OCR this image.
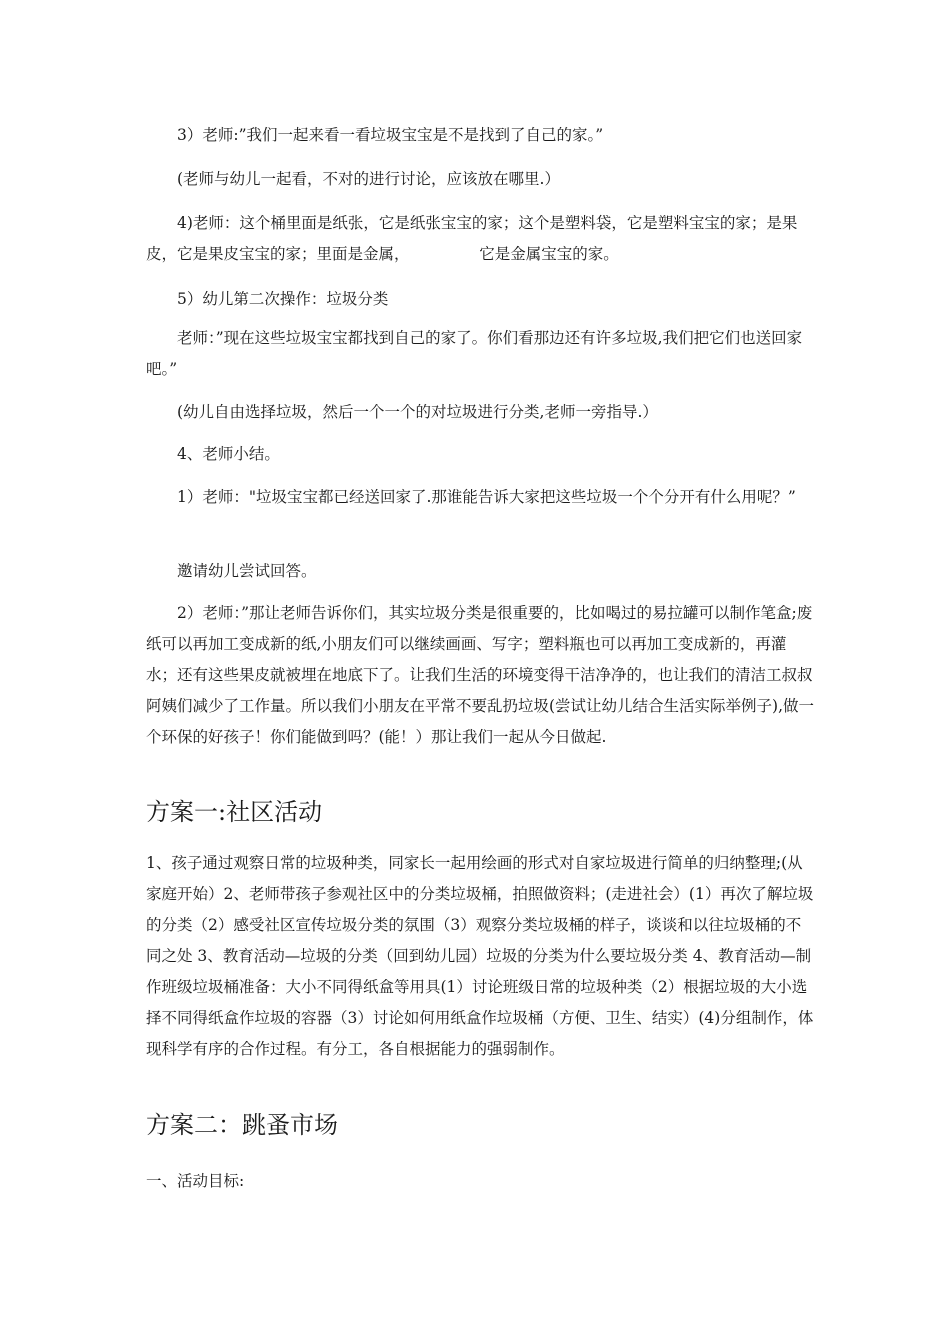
3）老师:”我们一起来看一看垃圾宝宝是不是找到了自己的家。”

(老师与幼儿一起看，不对的进行讨论，应该放在哪里.）

4)老师：这个桶里面是纸张，它是纸张宝宝的家；这个是塑料袋，它是塑料宝宝的家；是果皮，它是果皮宝宝的家；里面是金属，　　　　　它是金属宝宝的家。

5）幼儿第二次操作：垃圾分类

老师：”现在这些垃圾宝宝都找到自己的家了。你们看那边还有许多垃圾,我们把它们也送回家吧。”

(幼儿自由选择垃圾，然后一个一个的对垃圾进行分类,老师一旁指导.）

4、老师小结。

1）老师："垃圾宝宝都已经送回家了.那谁能告诉大家把这些垃圾一个个分开有什么用呢？”

邀请幼儿尝试回答。

2）老师：”那让老师告诉你们，其实垃圾分类是很重要的，比如喝过的易拉罐可以制作笔盒;废纸可以再加工变成新的纸,小朋友们可以继续画画、写字；塑料瓶也可以再加工变成新的，再灌水；还有这些果皮就被埋在地底下了。让我们生活的环境变得干洁净净的，也让我们的清洁工叔叔阿姨们减少了工作量。所以我们小朋友在平常不要乱扔垃圾(尝试让幼儿结合生活实际举例子),做一个环保的好孩子！你们能做到吗？(能！）那让我们一起从今日做起.

方案一:社区活动

1、孩子通过观察日常的垃圾种类，同家长一起用绘画的形式对自家垃圾进行简单的归纳整理;(从家庭开始）2、老师带孩子参观社区中的分类垃圾桶，拍照做资料；(走进社会）(1）再次了解垃圾的分类（2）感受社区宣传垃圾分类的氛围（3）观察分类垃圾桶的样子，谈谈和以往垃圾桶的不同之处 3、教育活动—垃圾的分类（回到幼儿园）垃圾的分类为什么要垃圾分类 4、教育活动—制作班级垃圾桶准备：大小不同得纸盒等用具(1）讨论班级日常的垃圾种类（2）根据垃圾的大小选择不同得纸盒作垃圾的容器（3）讨论如何用纸盒作垃圾桶（方便、卫生、结实）(4)分组制作，体现科学有序的合作过程。有分工，各自根据能力的强弱制作。

方案二：跳蚤市场

一、活动目标:
